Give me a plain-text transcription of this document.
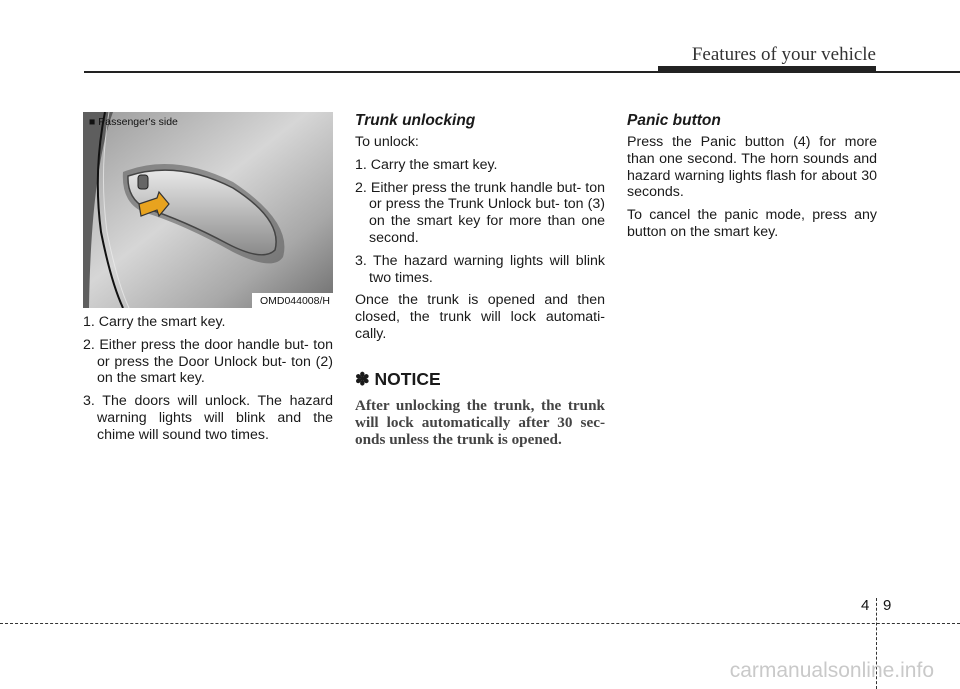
Features of your vehicle
■ Passenger's side
OMD044008/H
1. Carry the smart key.
2. Either press the door handle but- ton or press the Door Unlock but- ton (2) on the smart key.
3. The doors will unlock. The hazard warning lights will blink and the chime will sound two times.
Trunk unlocking

To unlock:

1. Carry the smart key.
2. Either press the trunk handle but- ton or press the Trunk Unlock but- ton (3) on the smart key for more than one second.
3. The hazard warning lights will blink two times.

Once the trunk is opened and then closed, the trunk will lock automati- cally.

✽ NOTICE
After unlocking the trunk, the trunk will lock automatically after 30 sec- onds unless the trunk is opened.
Panic button

Press the Panic button (4) for more than one second. The horn sounds and hazard warning lights flash for about 30 seconds.

To cancel the panic mode, press any button on the smart key.

4 9
carmanualsonline.info
